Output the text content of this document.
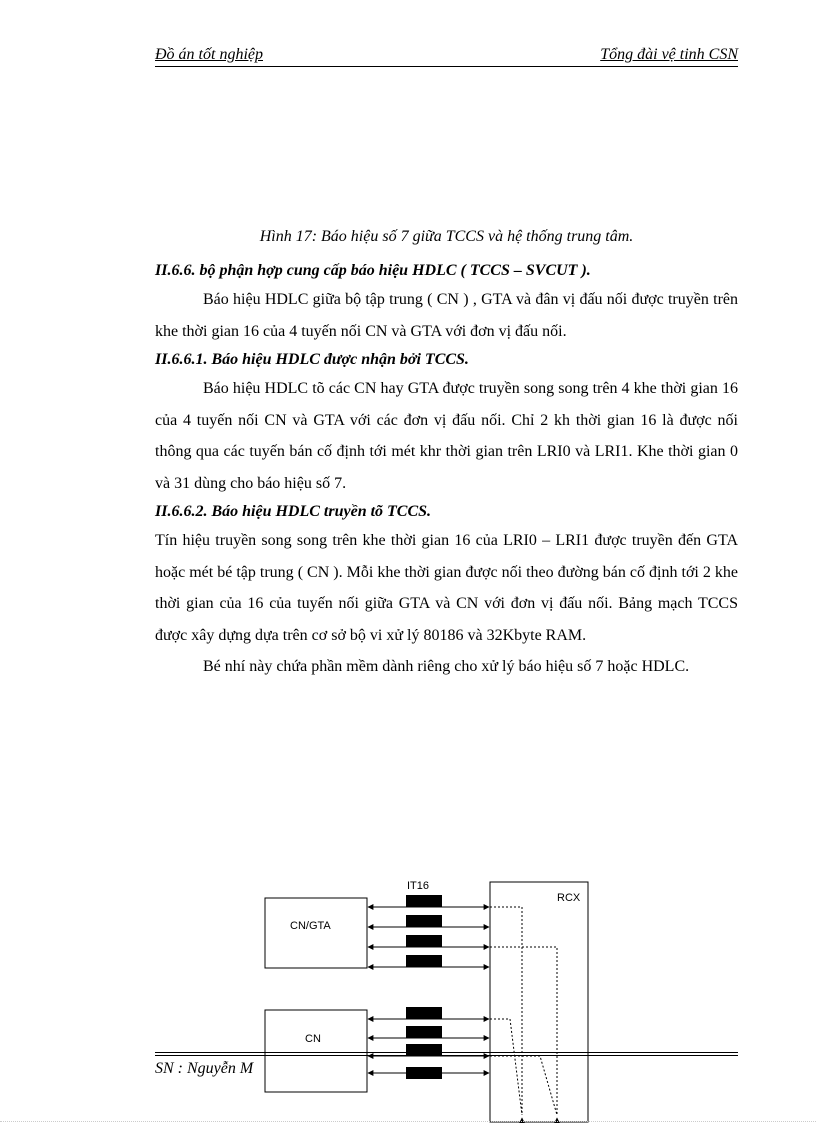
Đồ án tốt nghiệp	Tổng đài vệ tinh CSN
Hình 17: Báo hiệu số 7 giữa TCCS và hệ thống trung tâm.

II.6.6. bộ phận hợp cung cấp báo hiệu HDLC ( TCCS – SVCUT ).

Báo hiệu HDLC giữa bộ tập trung ( CN ) , GTA và đân vị đấu nối được truyền trên khe thời gian 16 của 4 tuyến nối CN và GTA với đơn vị đấu nối.

II.6.6.1. Báo hiệu HDLC được nhận bởi TCCS.

Báo hiệu HDLC tõ các CN hay GTA được truyền song song trên 4 khe thời gian 16 của 4 tuyến nối CN và GTA với các đơn vị đấu nối. Chỉ 2 kh thời gian 16 là được nối thông qua các tuyến bán cố định tới mét khr thời gian trên LRI0 và LRI1. Khe thời gian 0 và 31 dùng cho báo hiệu số 7.

II.6.6.2. Báo hiệu HDLC truyền tõ TCCS.

Tín hiệu truyền song song trên khe thời gian 16 của LRI0 – LRI1 được truyền đến GTA hoặc mét bé tập trung ( CN ). Mỗi khe thời gian được nối theo đường bán cố định tới 2 khe thời gian của 16 của tuyến nối giữa GTA và CN với đơn vị đấu nối. Bảng mạch TCCS được xây dựng dựa trên cơ sở bộ vi xử lý 80186 và 32Kbyte RAM.

Bé nhí này chứa phần mềm dành riêng cho xử lý báo hiệu số 7 hoặc HDLC.

IT16
CN/GTA
CN
RCX
SN : Nguyễn M
